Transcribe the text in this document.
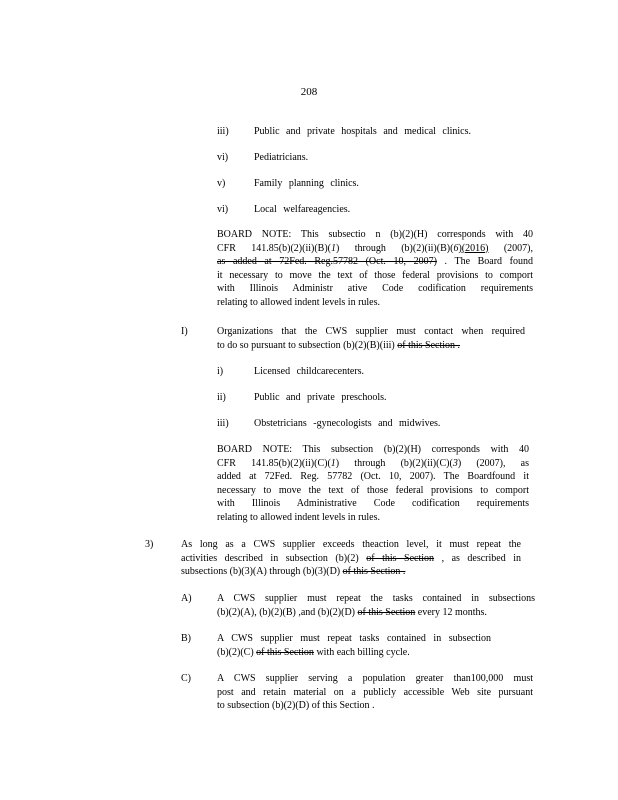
208
iii)	Public and private hospitals and medical clinics.
vi)	Pediatricians.
v)	Family planning clinics.
vi)	Local welfareagencies.
BOARD NOTE: This subsectio n (b)(2)(H) corresponds with 40
CFR 141.85(b)(2)(ii)(B)(1) through (b)(2)(ii)(B)(6)(2016) (2007),
as added at 72Fed. Reg.57782 (Oct. 10, 2007) . The Board found
it necessary to move the text of those federal provisions to comport
with Illinois Administr ative Code codification requirements
relating to allowed indent levels in rules.
I)	Organizations that the CWS supplier must contact when required
to do so pursuant to subsection (b)(2)(B)(iii) of this Section .
i)	Licensed childcarecenters.
ii)	Public and private preschools.
iii)	Obstetricians -gynecologists and midwives.
BOARD NOTE: This subsection (b)(2)(H) corresponds with 40
CFR 141.85(b)(2)(ii)(C)(1) through (b)(2)(ii)(C)(3) (2007), as
added at 72Fed. Reg. 57782 (Oct. 10, 2007). The Boardfound it
necessary to move the text of those federal provisions to comport
with Illinois Administrative Code codification requirements
relating to allowed indent levels in rules.
3)	As long as a CWS supplier exceeds theaction level, it must repeat the
activities described in subsection (b)(2) of this Section , as described in
subsections (b)(3)(A) through (b)(3)(D) of this Section .
A)	A CWS supplier must repeat the tasks contained in subsections
(b)(2)(A), (b)(2)(B) ,and (b)(2)(D) of this Section every 12 months.
B)	A CWS supplier must repeat tasks contained in subsection
(b)(2)(C) of this Section with each billing cycle.
C)	A CWS supplier serving a population greater than100,000 must
post and retain material on a publicly accessible Web site pursuant
to subsection (b)(2)(D) of this Section .
